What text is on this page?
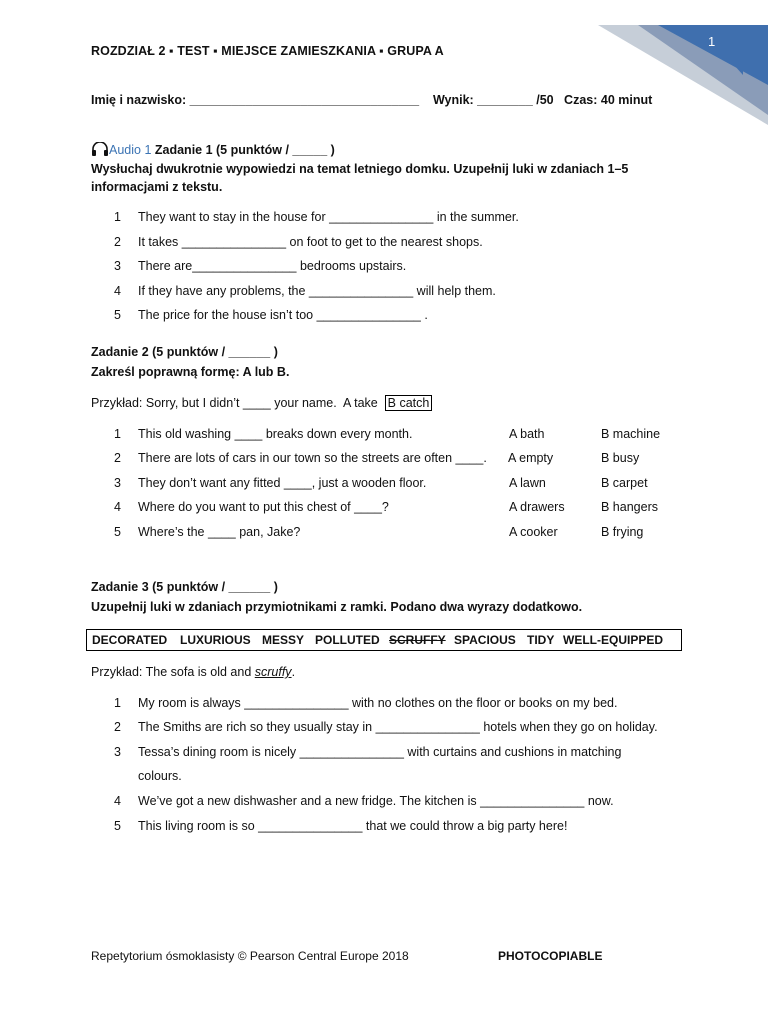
1
ROZDZIAŁ 2 ▪ TEST ▪ MIEJSCE ZAMIESZKANIA ▪ GRUPA A
Imię i nazwisko: _________________________________    Wynik: ________ /50   Czas: 40 minut
Audio 1 Zadanie 1 (5 punktów / _____ )
Wysłuchaj dwukrotnie wypowiedzi na temat letniego domku. Uzupełnij luki w zdaniach 1–5 informacjami z tekstu.
1	They want to stay in the house for _______________ in the summer.
2	It takes _______________ on foot to get to the nearest shops.
3	There are_______________ bedrooms upstairs.
4	If they have any problems, the _______________ will help them.
5	The price for the house isn’t too _______________ .
Zadanie 2 (5 punktów / ______ )
Zakreśl poprawną formę: A lub B.
Przykład: Sorry, but I didn’t ____ your name.  A take  B catch
1	This old washing ____ breaks down every month.	A bath	B machine
2	There are lots of cars in our town so the streets are often ____. A empty	B busy
3	They don’t want any fitted ____, just a wooden floor.	A lawn	B carpet
4	Where do you want to put this chest of ____?	A drawers	B hangers
5	Where’s the ____ pan, Jake?	A cooker	B frying
Zadanie 3 (5 punktów / ______ )
Uzupełnij luki w zdaniach przymiotnikami z ramki. Podano dwa wyrazy dodatkowo.
DECORATED LUXURIOUS MESSY POLLUTED SCRUFFY SPACIOUS TIDY WELL-EQUIPPED
Przykład: The sofa is old and scruffy.
1	My room is always _______________ with no clothes on the floor or books on my bed.
2	The Smiths are rich so they usually stay in _______________ hotels when they go on holiday.
3	Tessa’s dining room is nicely _______________ with curtains and cushions in matching
colours.
4	We’ve got a new dishwasher and a new fridge. The kitchen is _______________ now.
5	This living room is so _______________ that we could throw a big party here!
Repetytorium ósmoklasisty © Pearson Central Europe 2018	PHOTOCOPIABLE
